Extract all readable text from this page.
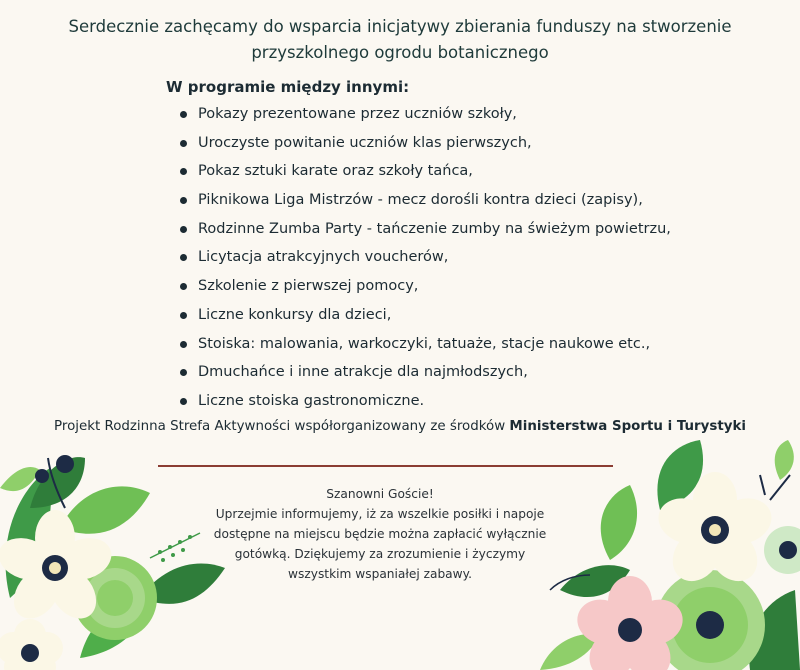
Serdecznie zachęcamy do wsparcia inicjatywy zbierania funduszy na stworzenie
przyszkolnego ogrodu botanicznego
W programie między innymi:
Pokazy prezentowane przez uczniów szkoły,
Uroczyste powitanie uczniów klas pierwszych,
Pokaz sztuki karate oraz szkoły tańca,
Piknikowa Liga Mistrzów - mecz dorośli kontra dzieci (zapisy),
Rodzinne Zumba Party - tańczenie zumby na świeżym powietrzu,
Licytacja atrakcyjnych voucherów,
Szkolenie z pierwszej pomocy,
Liczne konkursy dla dzieci,
Stoiska: malowania, warkoczyki, tatuaże, stacje naukowe etc.,
Dmuchańce i inne atrakcje dla najmłodszych,
Liczne stoiska gastronomiczne.
Projekt Rodzinna Strefa Aktywności współorganizowany ze środków Ministerstwa Sportu i Turystyki
Szanowni Goście!
Uprzejmie informujemy, iż za wszelkie posiłki i napoje
dostępne na miejscu będzie można zapłacić wyłącznie
gotówką. Dziękujemy za zrozumienie i życzymy
wszystkim wspaniałej zabawy.
